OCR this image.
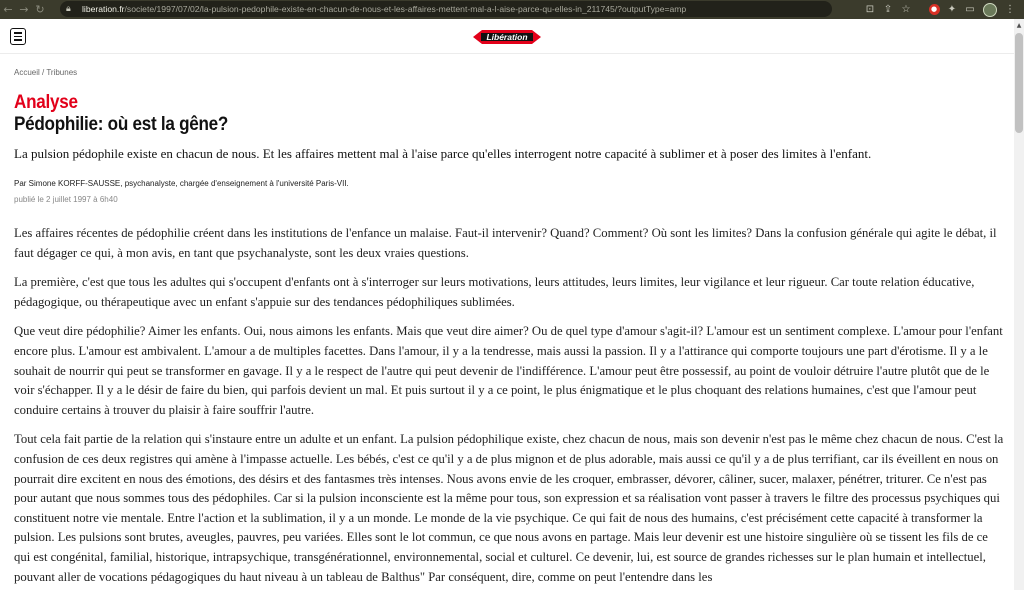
← → ↻ 🔒︎	liberation.fr/societe/1997/07/02/la-pulsion-pedophile-existe-en-chacun-de-nous-et-les-affaires-mettent-mal-a-l-aise-parce-qu-elles-in_211745/?outputType=amp	⊡ ⇪ ☆	●	✦ ▭	⋮
Libération
▲
Accueil / Tribunes
Analyse
Pédophilie: où est la gêne?
La pulsion pédophile existe en chacun de nous. Et les affaires mettent mal à l'aise parce qu'elles interrogent notre capacité à sublimer et à poser des limites à l'enfant.
Par Simone KORFF-SAUSSE, psychanalyste, chargée d'enseignement à l'université Paris-VII.
publié le 2 juillet 1997 à 6h40

Les affaires récentes de pédophilie créent dans les institutions de l'enfance un malaise. Faut-il intervenir? Quand? Comment? Où sont les limites? Dans la confusion générale qui agite le débat, il faut dégager ce qui, à mon avis, en tant que psychanalyste, sont les deux vraies questions.

La première, c'est que tous les adultes qui s'occupent d'enfants ont à s'interroger sur leurs motivations, leurs attitudes, leurs limites, leur vigilance et leur rigueur. Car toute relation éducative, pédagogique, ou thérapeutique avec un enfant s'appuie sur des tendances pédophiliques sublimées.

Que veut dire pédophilie? Aimer les enfants. Oui, nous aimons les enfants. Mais que veut dire aimer? Ou de quel type d'amour s'agit-il? L'amour est un sentiment complexe. L'amour pour l'enfant encore plus. L'amour est ambivalent. L'amour a de multiples facettes. Dans l'amour, il y a la tendresse, mais aussi la passion. Il y a l'attirance qui comporte toujours une part d'érotisme. Il y a le souhait de nourrir qui peut se transformer en gavage. Il y a le respect de l'autre qui peut devenir de l'indifférence. L'amour peut être possessif, au point de vouloir détruire l'autre plutôt que de le voir s'échapper. Il y a le désir de faire du bien, qui parfois devient un mal. Et puis surtout il y a ce point, le plus énigmatique et le plus choquant des relations humaines, c'est que l'amour peut conduire certains à trouver du plaisir à faire souffrir l'autre.

Tout cela fait partie de la relation qui s'instaure entre un adulte et un enfant. La pulsion pédophilique existe, chez chacun de nous, mais son devenir n'est pas le même chez chacun de nous. C'est la confusion de ces deux registres qui amène à l'impasse actuelle. Les bébés, c'est ce qu'il y a de plus mignon et de plus adorable, mais aussi ce qu'il y a de plus terrifiant, car ils éveillent en nous on pourrait dire excitent en nous des émotions, des désirs et des fantasmes très intenses. Nous avons envie de les croquer, embrasser, dévorer, câliner, sucer, malaxer, pénétrer, triturer. Ce n'est pas pour autant que nous sommes tous des pédophiles. Car si la pulsion inconsciente est la même pour tous, son expression et sa réalisation vont passer à travers le filtre des processus psychiques qui constituent notre vie mentale. Entre l'action et la sublimation, il y a un monde. Le monde de la vie psychique. Ce qui fait de nous des humains, c'est précisément cette capacité à transformer la pulsion. Les pulsions sont brutes, aveugles, pauvres, peu variées. Elles sont le lot commun, ce que nous avons en partage. Mais leur devenir est une histoire singulière où se tissent les fils de ce qui est congénital, familial, historique, intrapsychique, transgénérationnel, environnemental, social et culturel. Ce devenir, lui, est source de grandes richesses sur le plan humain et intellectuel, pouvant aller de vocations pédagogiques du haut niveau à un tableau de Balthus" Par conséquent, dire, comme on peut l'entendre dans les
